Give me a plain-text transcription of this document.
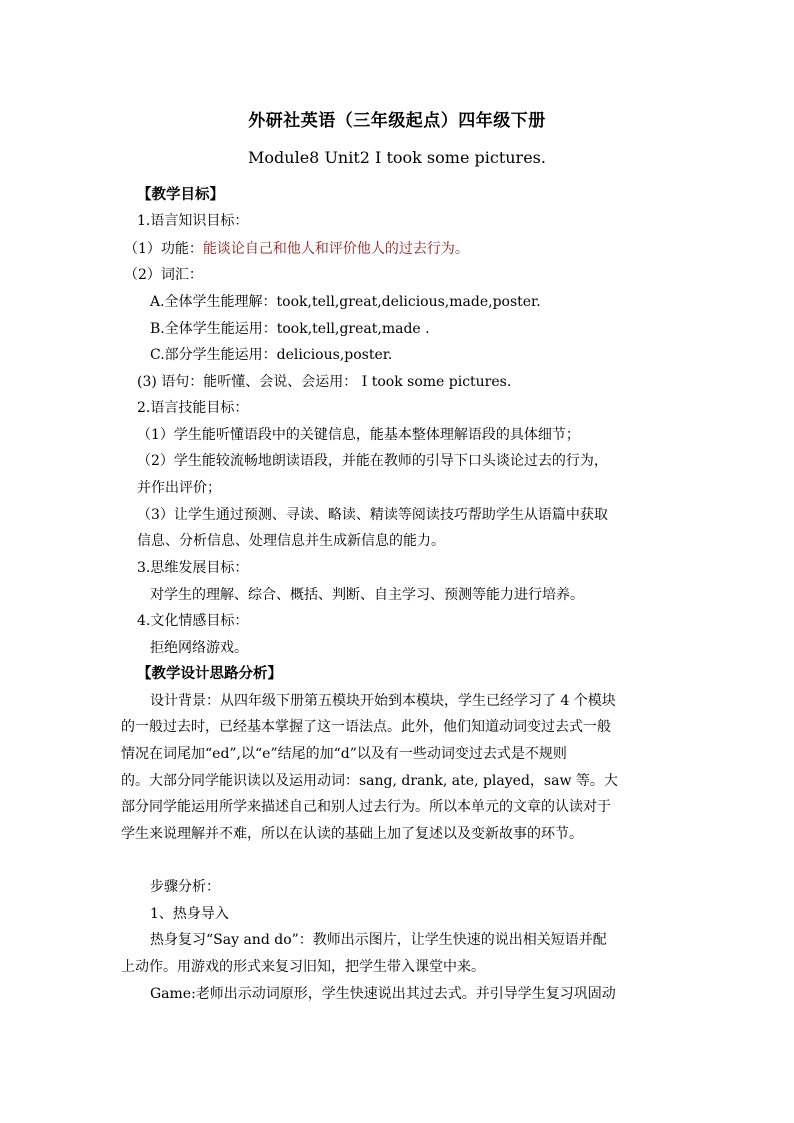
外研社英语（三年级起点）四年级下册
Module8 Unit2 I took some pictures.
【教学目标】
1.语言知识目标：
（1）功能：能谈论自己和他人和评价他人的过去行为。
（2）词汇：
A.全体学生能理解：took,tell,great,delicious,made,poster.
B.全体学生能运用：took,tell,great,made .
C.部分学生能运用：delicious,poster.
(3) 语句：能听懂、会说、会运用： I took some pictures.
2.语言技能目标：
（1）学生能听懂语段中的关键信息，能基本整体理解语段的具体细节；
（2）学生能较流畅地朗读语段，并能在教师的引导下口头谈论过去的行为，
并作出评价；
（3）让学生通过预测、寻读、略读、精读等阅读技巧帮助学生从语篇中获取
信息、分析信息、处理信息并生成新信息的能力。
3.思维发展目标：
对学生的理解、综合、概括、判断、自主学习、预测等能力进行培养。
4.文化情感目标：
拒绝网络游戏。
【教学设计思路分析】
设计背景：从四年级下册第五模块开始到本模块，学生已经学习了 4 个模块
的一般过去时，已经基本掌握了这一语法点。此外，他们知道动词变过去式一般
情况在词尾加“ed”,以“e”结尾的加“d”以及有一些动词变过去式是不规则
的。大部分同学能识读以及运用动词：sang, drank, ate, played，saw 等。大
部分同学能运用所学来描述自己和别人过去行为。所以本单元的文章的认读对于
学生来说理解并不难，所以在认读的基础上加了复述以及变新故事的环节。
步骤分析：
1、热身导入
热身复习“Say and do”：教师出示图片，让学生快速的说出相关短语并配
上动作。用游戏的形式来复习旧知，把学生带入课堂中来。
Game:老师出示动词原形，学生快速说出其过去式。并引导学生复习巩固动
